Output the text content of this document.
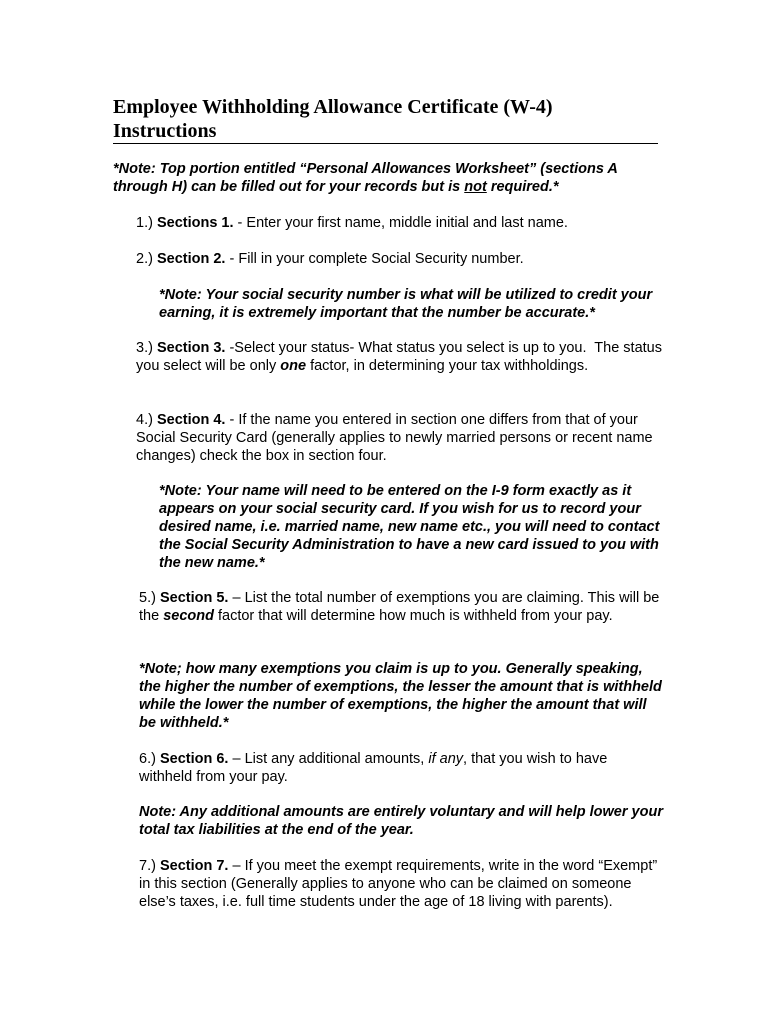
Employee Withholding Allowance Certificate (W-4)
Instructions

*Note: Top portion entitled “Personal Allowances Worksheet” (sections A through H) can be filled out for your records but is not required.*

1.) Sections 1. - Enter your first name, middle initial and last name.

2.) Section 2. - Fill in your complete Social Security number.

*Note: Your social security number is what will be utilized to credit your earning, it is extremely important that the number be accurate.*

3.) Section 3. -Select your status- What status you select is up to you.  The status   you select will be only one factor, in determining your tax withholdings.

4.) Section 4. - If the name you entered in section one differs from that of your Social Security Card (generally applies to newly married persons or recent name changes) check the box in section four.

*Note: Your name will need to be entered on the I-9 form exactly as it appears on your social security card. If you wish for us to record your desired name, i.e. married name, new name etc., you will need to contact the Social Security Administration to have a new card issued to you with the new name.*

5.) Section 5. – List the total number of exemptions you are claiming. This will be the second factor that will determine how much is withheld from your pay.

*Note; how many exemptions you claim is up to you. Generally speaking, the higher the number of exemptions, the lesser the amount that is withheld while the lower the number of exemptions, the higher the amount that will be withheld.*

6.) Section 6. – List any additional amounts, if any, that you wish to have withheld from your pay.

Note: Any additional amounts are entirely voluntary and will help lower your total tax liabilities at the end of the year.

7.) Section 7. – If you meet the exempt requirements, write in the word “Exempt” in this section (Generally applies to anyone who can be claimed on someone else’s taxes, i.e. full time students under the age of 18 living with parents).
